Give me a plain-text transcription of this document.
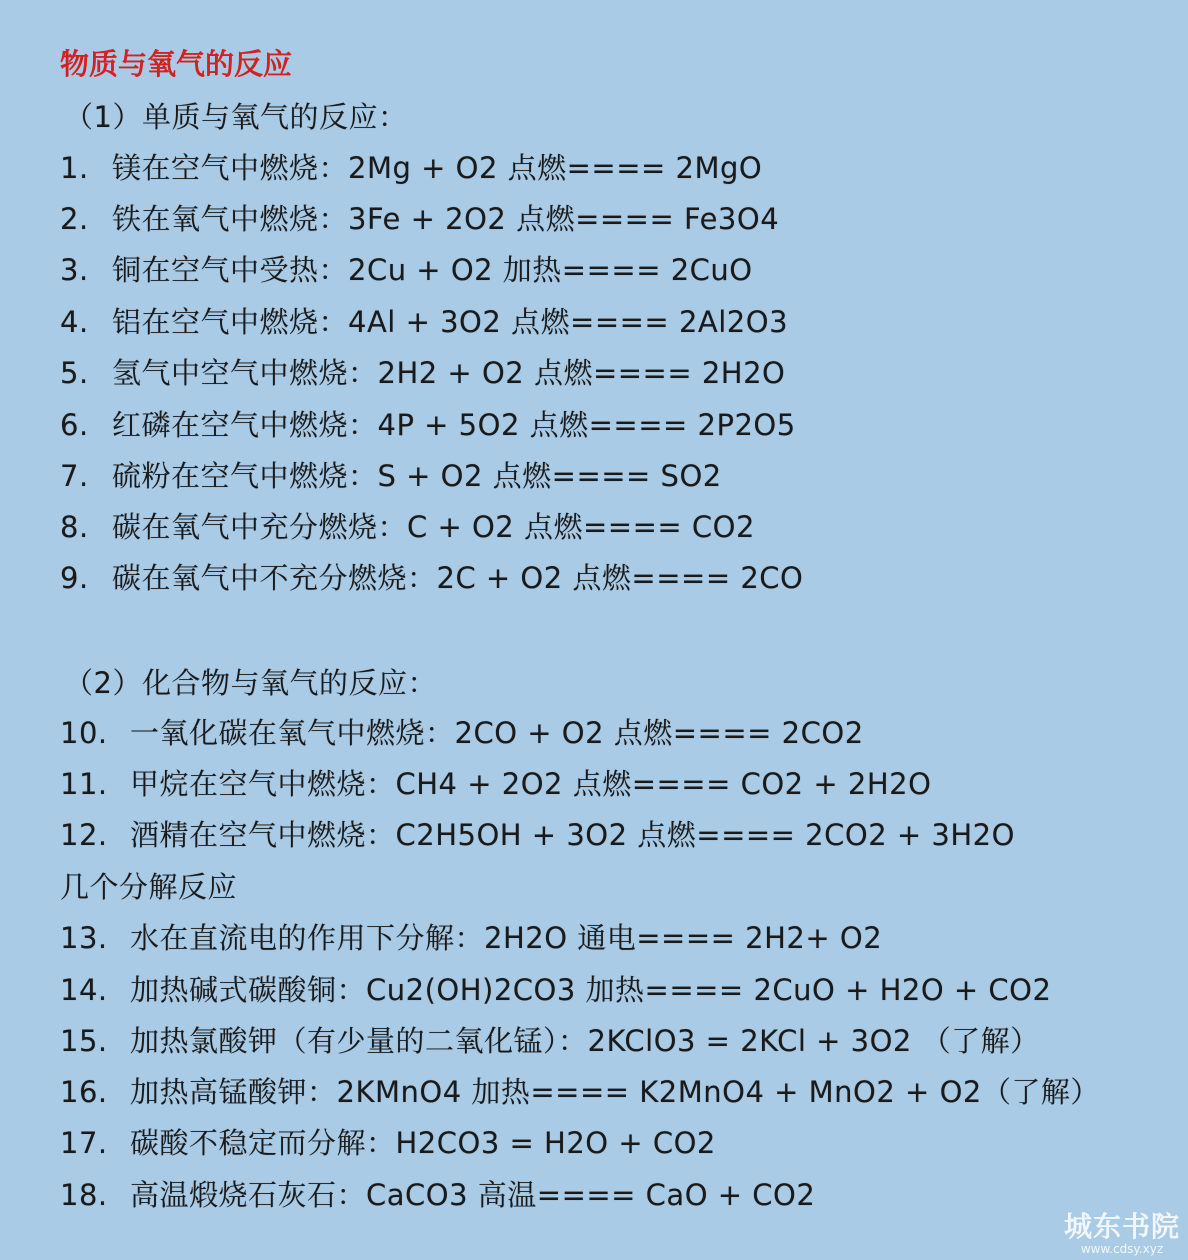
物质与氧气的反应
（1）单质与氧气的反应：
1. 镁在空气中燃烧：2Mg + O2 点燃==== 2MgO
2. 铁在氧气中燃烧：3Fe + 2O2 点燃==== Fe3O4
3. 铜在空气中受热：2Cu + O2 加热==== 2CuO
4. 铝在空气中燃烧：4Al + 3O2 点燃==== 2Al2O3
5. 氢气中空气中燃烧：2H2 + O2 点燃==== 2H2O
6. 红磷在空气中燃烧：4P + 5O2 点燃==== 2P2O5
7. 硫粉在空气中燃烧：S + O2 点燃==== SO2
8. 碳在氧气中充分燃烧：C + O2 点燃==== CO2
9. 碳在氧气中不充分燃烧：2C + O2 点燃==== 2CO
（2）化合物与氧气的反应：
10. 一氧化碳在氧气中燃烧：2CO + O2 点燃==== 2CO2
11. 甲烷在空气中燃烧：CH4 + 2O2 点燃==== CO2 + 2H2O
12. 酒精在空气中燃烧：C2H5OH + 3O2 点燃==== 2CO2 + 3H2O
几个分解反应
13. 水在直流电的作用下分解：2H2O 通电==== 2H2+ O2
14. 加热碱式碳酸铜：Cu2(OH)2CO3 加热==== 2CuO + H2O + CO2
15. 加热氯酸钾（有少量的二氧化锰）：2KClO3 = 2KCl + 3O2 （了解）
16. 加热高锰酸钾：2KMnO4 加热==== K2MnO4 + MnO2 + O2（了解）
17. 碳酸不稳定而分解：H2CO3 = H2O + CO2
18. 高温煅烧石灰石：CaCO3 高温==== CaO + CO2
城东书院
www.cdsy.xyz
